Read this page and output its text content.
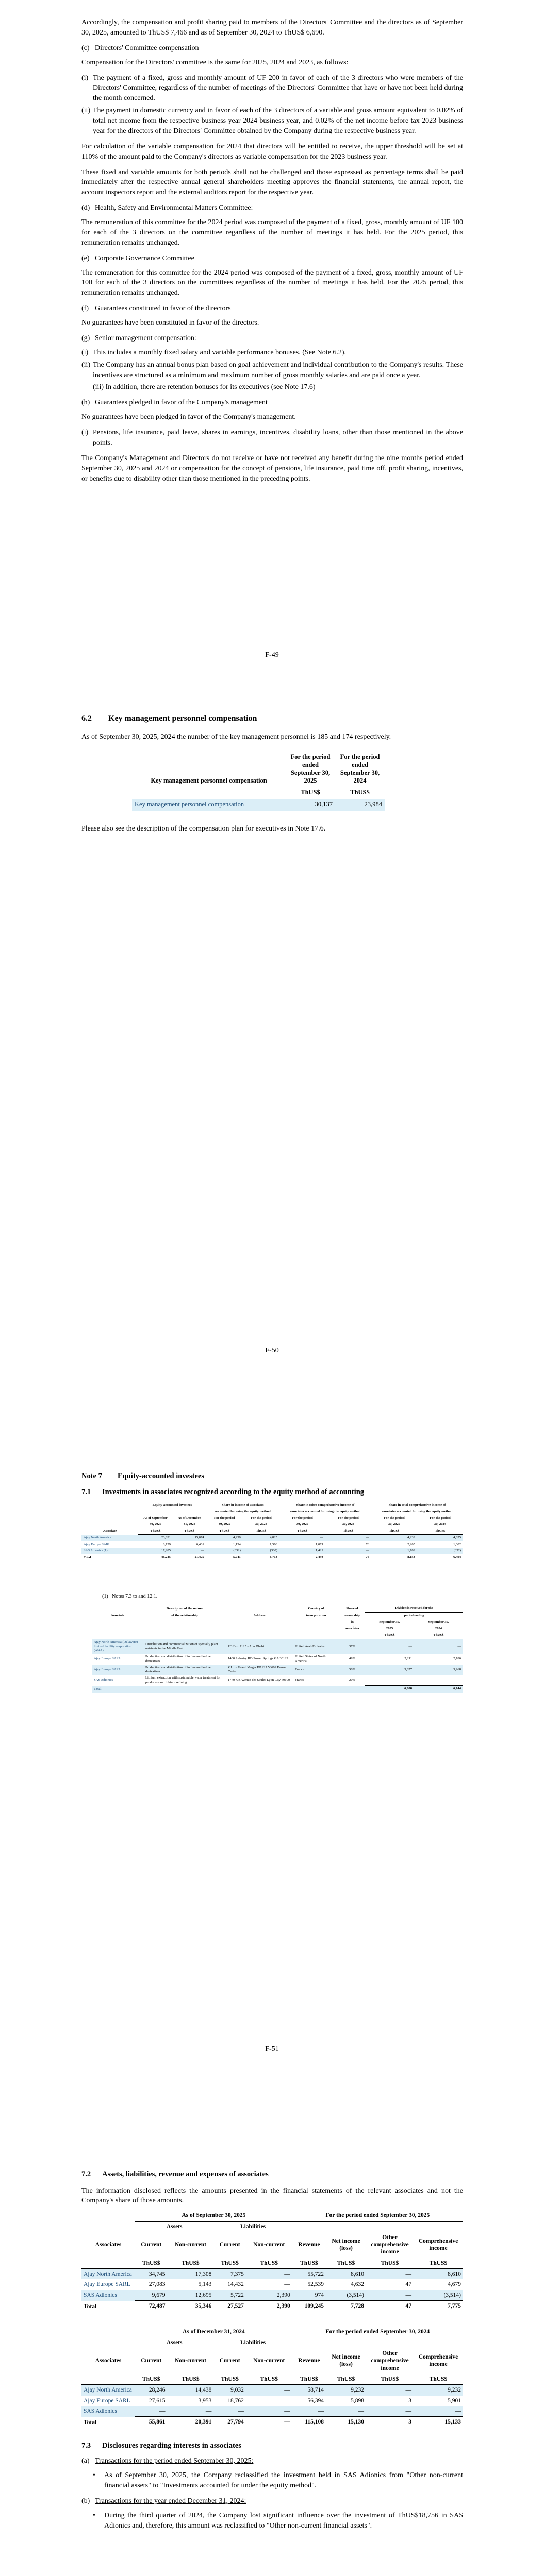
Accordingly, the compensation and profit sharing paid to members of the Directors' Committee and the directors as of September 30, 2025, amounted to ThUS$ 7,466 and as of September 30, 2024 to ThUS$ 6,690.

(c) Directors' Committee compensation

Compensation for the Directors' committee is the same for 2025, 2024 and 2023, as follows:

(i) The payment of a fixed, gross and monthly amount of UF 200 in favor of each of the 3 directors who were members of the Directors' Committee, regardless of the number of meetings of the Directors' Committee that have or have not been held during the month concerned.
(ii) The payment in domestic currency and in favor of each of the 3 directors of a variable and gross amount equivalent to 0.02% of total net income from the respective business year 2024 business year, and 0.02% of the net income before tax 2023 business year for the directors of the Directors' Committee obtained by the Company during the respective business year.

For calculation of the variable compensation for 2024 that directors will be entitled to receive, the upper threshold will be set at 110% of the amount paid to the Company's directors as variable compensation for the 2023 business year.

These fixed and variable amounts for both periods shall not be challenged and those expressed as percentage terms shall be paid immediately after the respective annual general shareholders meeting approves the financial statements, the annual report, the account inspectors report and the external auditors report for the respective year.

(d) Health, Safety and Environmental Matters Committee:

The remuneration of this committee for the 2024 period was composed of the payment of a fixed, gross, monthly amount of UF 100 for each of the 3 directors on the committee regardless of the number of meetings it has held. For the 2025 period, this remuneration remains unchanged.

(e) Corporate Governance Committee

The remuneration for this committee for the 2024 period was composed of the payment of a fixed, gross, monthly amount of UF 100 for each of the 3 directors on the committees regardless of the number of meetings it has held. For the 2025 period, this remuneration remains unchanged.

(f) Guarantees constituted in favor of the directors

No guarantees have been constituted in favor of the directors.

(g) Senior management compensation:
(i) This includes a monthly fixed salary and variable performance bonuses. (See Note 6.2).
(ii) The Company has an annual bonus plan based on goal achievement and individual contribution to the Company's results. These incentives are structured as a minimum and maximum number of gross monthly salaries and are paid once a year.
(iii) In addition, there are retention bonuses for its executives (see Note 17.6)
(h) Guarantees pledged in favor of the Company's management

No guarantees have been pledged in favor of the Company's management.

(i) Pensions, life insurance, paid leave, shares in earnings, incentives, disability loans, other than those mentioned in the above points.

The Company's Management and Directors do not receive or have not received any benefit during the nine months period ended September 30, 2025 and 2024 or compensation for the concept of pensions, life insurance, paid time off, profit sharing, incentives, or benefits due to disability other than those mentioned in the preceding points.

F-49
6.2	Key management personnel compensation

As of September 30, 2025, 2024 the number of the key management personnel is 185 and 174 respectively.

Key management personnel compensation	For the period ended September 30, 2025	For the period ended September 30, 2024
	ThUS$	ThUS$
Key management personnel compensation	30,137	23,984

Please also see the description of the compensation plan for executives in Note 17.6.

F-50
Note 7	Equity-accounted investees
7.1	Investments in associates recognized according to the equity method of accounting
	Equity-accounted investees		Share in income of associates		Share in other comprehensive income of		Share in total comprehensive income of	
			accounted for using the equity method		associates accounted for using the equity method		associates accounted for using the equity method	
	As of September	As of December	For the period	For the period	For the period	For the period	For the period	For the period
	30, 2025	31, 2024	30, 2025	30, 2024	30, 2025	30, 2024	30, 2025	30, 2024
Associate	ThUS$	ThUS$	ThUS$	ThUS$	ThUS$	ThUS$	ThUS$	ThUS$
Ajay North America	20,831	15,074	4,239	4,825	—	—	4,239	4,825
Ajay Europe SARL	8,129	6,401	1,134	1,508	1,071	76	2,205	1,002
SAS Adionics (1)	17,285	—	(332)	(380)	1,422	—	1,709	(332)
Total	46,245	21,475	5,041	6,713	2,493	76	8,153	6,494
(1)   Notes 7.3 to and 12.1.
	Description of the nature		Country of	Share of	Dividends received for the	
Associate	of the relationship	Address	incorporation	ownership	period ending	
				in	September 30,	September 30,
				associates	2025	2024
					ThUS$	ThUS$
Ajay North America (Delaware) limited liability corporation (ANA)	Distribution and commercialization of specialty plant nutrients in the Middle East	PO Box 7125 - Abu Dhabi	United Arab Emirates	37%	—	—
Ajay Europe SARL	Production and distribution of iodine and iodine derivatives	1400 Industry RD Power Springs GA 30129	United States of North America	49%	2,211	2,186
Ajay Europe SARL	Production and distribution of iodine and iodine derivatives	Z.I. du Grand Verger BP 227 53602 Evron Cedex	France	50%	3,877	3,968
SAS Adionics	Lithium extraction with sustainable water treatment for producers and lithium refining	1770 rue Avenue des Saules Lyon City 69100	France	20%	—	—
Total					6,088	6,144
F-51
7.2	Assets, liabilities, revenue and expenses of associates

The information disclosed reflects the amounts presented in the financial statements of the relevant associates and not the Company's share of those amounts.

	As of September 30, 2025				For the period ended September 30, 2025			
	Assets		Liabilities					
Associates	Current	Non-current	Current	Non-current	Revenue	Net income (loss)	Other comprehensive income	Comprehensive income
	ThUS$	ThUS$	ThUS$	ThUS$	ThUS$	ThUS$	ThUS$	ThUS$
Ajay North America	34,745	17,308	7,375	—	55,722	8,610	—	8,610
Ajay Europe SARL	27,083	5,143	14,432	—	52,539	4,632	47	4,679
SAS Adionics	9,679	12,695	5,722	2,390	974	(3,514)	—	(3,514)
Total	72,487	35,346	27,527	2,390	109,245	7,728	47	7,775
	As of December 31, 2024				For the period ended September 30, 2024			
	Assets		Liabilities					
Associates	Current	Non-current	Current	Non-current	Revenue	Net income (loss)	Other comprehensive income	Comprehensive income
	ThUS$	ThUS$	ThUS$	ThUS$	ThUS$	ThUS$	ThUS$	ThUS$
Ajay North America	28,246	14,438	9,032	—	58,714	9,232	—	9,232
Ajay Europe SARL	27,615	3,953	18,762	—	56,394	5,898	3	5,901
SAS Adionics	—	—	—	—	—	—	—	—
Total	55,861	20,391	27,794	—	115,108	15,130	3	15,133
7.3	Disclosures regarding interests in associates
(a) Transactions for the period ended September 30, 2025:
•	As of September 30, 2025, the Company reclassified the investment held in SAS Adionics from "Other non-current financial assets" to "Investments accounted for under the equity method".
(b) Transactions for the year ended December 31, 2024:
•	During the third quarter of 2024, the Company lost significant influence over the investment of ThUS$18,756 in SAS Adionics and, therefore, this amount was reclassified to "Other non-current financial assets".
